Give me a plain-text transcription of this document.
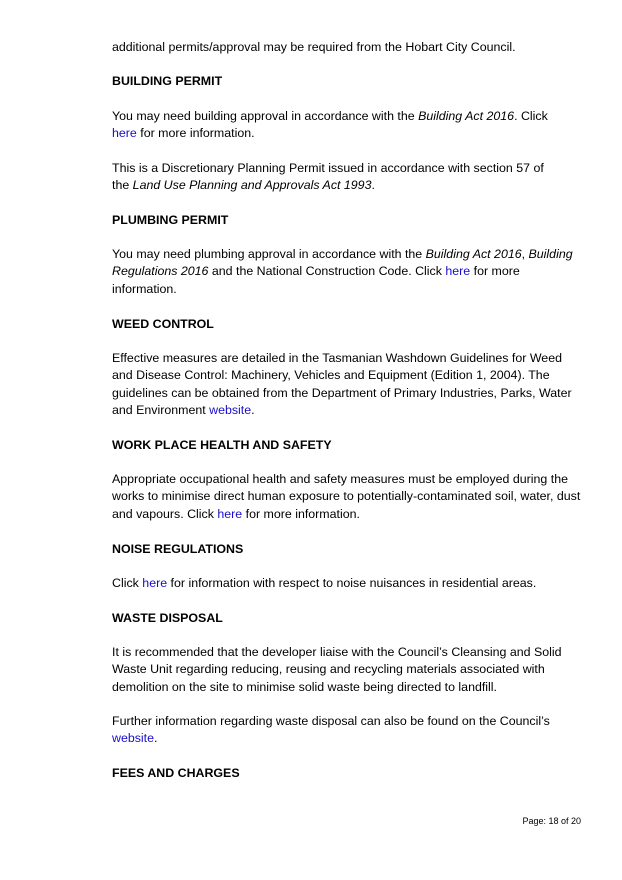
additional permits/approval may be required from the Hobart City Council.

BUILDING PERMIT

You may need building approval in accordance with the Building Act 2016. Click
here for more information.

This is a Discretionary Planning Permit issued in accordance with section 57 of
the Land Use Planning and Approvals Act 1993.

PLUMBING PERMIT

You may need plumbing approval in accordance with the Building Act 2016, Building Regulations 2016 and the National Construction Code. Click here for more information.

WEED CONTROL

Effective measures are detailed in the Tasmanian Washdown Guidelines for Weed and Disease Control: Machinery, Vehicles and Equipment (Edition 1, 2004). The guidelines can be obtained from the Department of Primary Industries, Parks, Water and Environment website.

WORK PLACE HEALTH AND SAFETY

Appropriate occupational health and safety measures must be employed during the works to minimise direct human exposure to potentially-contaminated soil, water, dust and vapours. Click here for more information.

NOISE REGULATIONS

Click here for information with respect to noise nuisances in residential areas.

WASTE DISPOSAL

It is recommended that the developer liaise with the Council’s Cleansing and Solid Waste Unit regarding reducing, reusing and recycling materials associated with demolition on the site to minimise solid waste being directed to landfill.

Further information regarding waste disposal can also be found on the Council’s
website.

FEES AND CHARGES

Page: 18 of 20
